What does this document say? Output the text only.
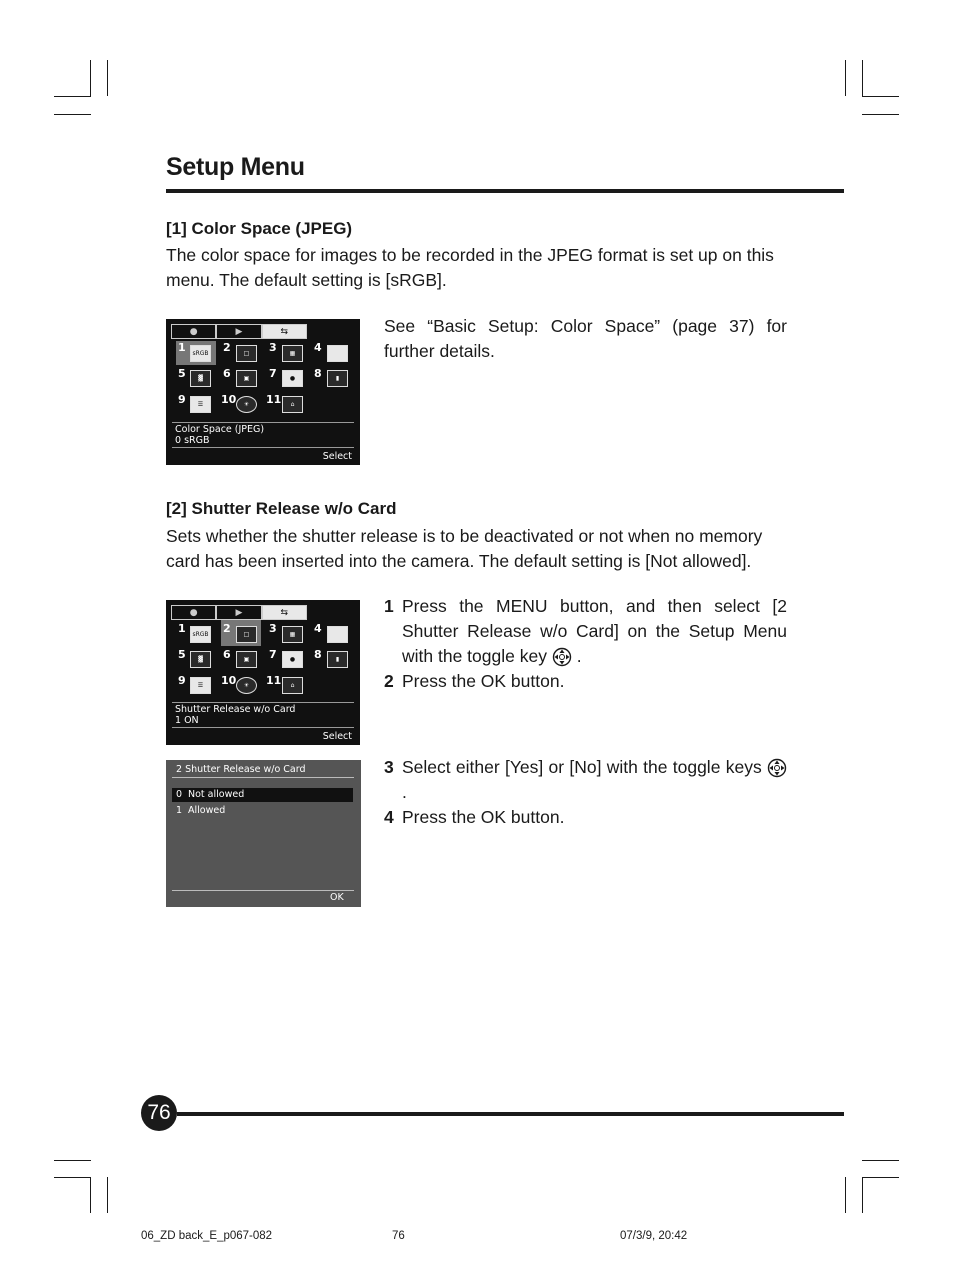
Setup Menu
[1] Color Space (JPEG)
The color space for images to be recorded in the JPEG format is set up on this menu. The default setting is [sRGB].
●	▶	⇆
1 sRGB 2	□	3	▦	4
5	▓	6	▣	7	●	8	▮
9	☰	10	☀	11	⌂
Color Space (JPEG)
0 sRGB
Select
See “Basic Setup: Color Space” (page 37) for further details.
[2] Shutter Release w/o Card
Sets whether the shutter release is to be deactivated or not when no memory card has been inserted into the camera. The default setting is [Not allowed].
●	▶	⇆
1 sRGB 2	□	3	▦	4
5	▓	6	▣	7	●	8	▮
9	☰	10	☀	11	⌂
Shutter Release w/o Card
1 ON
Select
2 Shutter Release w/o Card
0 Not allowed
1 Allowed
OK
1 Press the MENU button, and then select [2 Shutter Release w/o Card] on the Setup Menu with the toggle key .
2 Press the OK button.
3 Select either [Yes] or [No] with the toggle keys  .
4 Press the OK button.
76
06_ZD back_E_p067-082	76	07/3/9, 20:42
